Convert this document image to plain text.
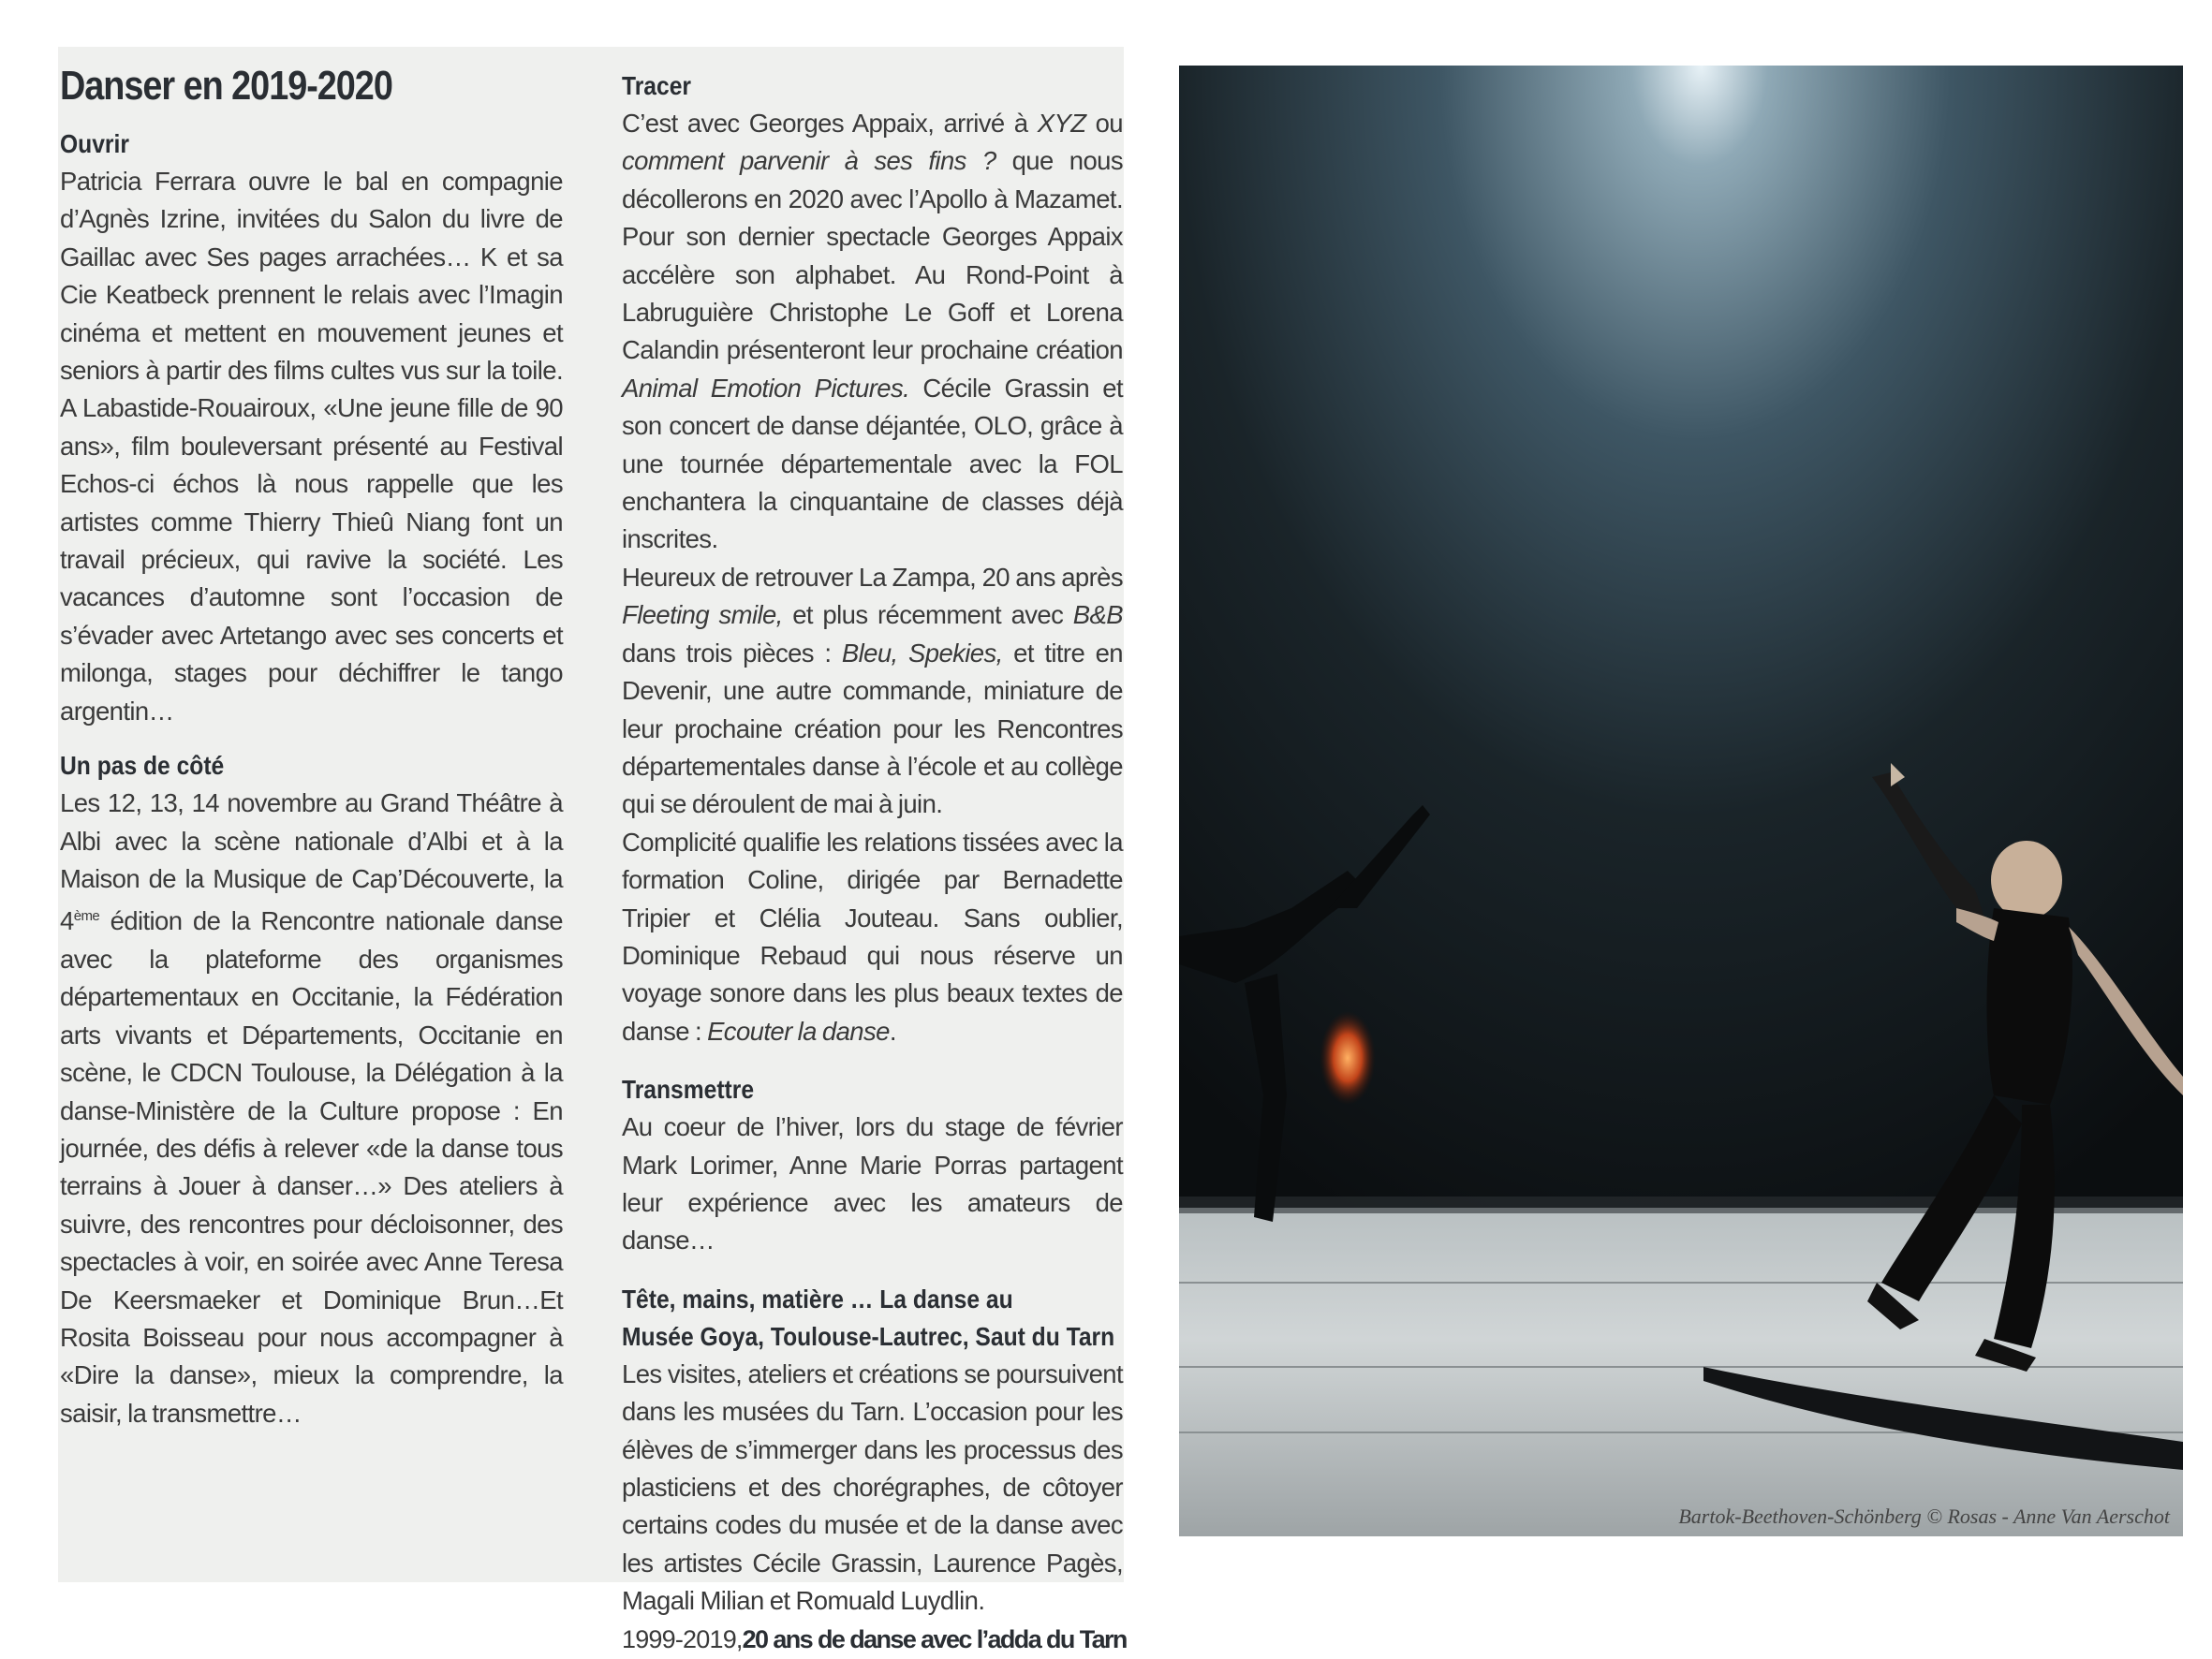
Danser en 2019-2020
Ouvrir

Patricia Ferrara ouvre le bal en compagnie d’Agnès Izrine, invitées du Salon du livre de Gaillac avec Ses pages arrachées… K et sa Cie Keatbeck prennent le relais avec l’Imagin cinéma et mettent en mouvement jeunes et seniors à partir des films cultes vus sur la toile. A Labastide-Rouairoux, «Une jeune fille de 90 ans», film bouleversant présenté au Festival Echos-ci échos là nous rappelle que les artistes comme Thierry Thieû Niang font un travail précieux, qui ravive la société. Les vacances d’automne sont l’occasion de s’évader avec Artetango avec ses concerts et milonga, stages pour déchiffrer le tango argentin…

Un pas de côté

Les 12, 13, 14 novembre au Grand Théâtre à Albi avec la scène nationale d’Albi et à la Maison de la Musique de Cap’Découverte, la 4ème édition de la Rencontre nationale danse avec la plateforme des organismes départementaux en Occitanie, la Fédération arts vivants et Départements, Occitanie en scène, le CDCN Toulouse, la Délégation à la danse-Ministère de la Culture propose : En journée, des défis à relever «de la danse tous terrains à Jouer à danser…» Des ateliers à suivre, des rencontres pour décloisonner, des spectacles à voir, en soirée avec Anne Teresa De Keersmaeker et Dominique Brun…Et Rosita Boisseau pour nous accompagner à «Dire la danse», mieux la comprendre, la saisir, la transmettre…

Tracer

C’est avec Georges Appaix, arrivé à XYZ ou comment parvenir à ses fins ? que nous décollerons en 2020 avec l’Apollo à Mazamet. Pour son dernier spectacle Georges Appaix accélère son alphabet. Au Rond-Point à Labruguière Christophe Le Goff et Lorena Calandin présenteront leur prochaine création Animal Emotion Pictures. Cécile Grassin et son concert de danse déjantée, OLO, grâce à une tournée départementale avec la FOL enchantera la cinquantaine de classes déjà inscrites.

Heureux de retrouver La Zampa, 20 ans après Fleeting smile, et plus récemment avec B&B dans trois pièces : Bleu, Spekies, et titre en Devenir, une autre commande, miniature de leur prochaine création pour les Rencontres départementales danse à l’école et au collège qui se déroulent de mai à juin.

Complicité qualifie les relations tissées avec la formation Coline, dirigée par Bernadette Tripier et Clélia Jouteau. Sans oublier, Dominique Rebaud qui nous réserve un voyage sonore dans les plus beaux textes de danse : Ecouter la danse.

Transmettre

Au coeur de l’hiver, lors du stage de février Mark Lorimer, Anne Marie Porras partagent leur expérience avec les amateurs de danse…

Tête, mains, matière … La danse au
Musée Goya, Toulouse-Lautrec, Saut du Tarn

Les visites, ateliers et créations se poursuivent dans les musées du Tarn. L’occasion pour les élèves de s’immerger dans les processus des plasticiens et des chorégraphes, de côtoyer certains codes du musée et de la danse avec les artistes Cécile Grassin, Laurence Pagès, Magali Milian et Romuald Luydlin.

1999-2019,20 ans de danse avec l’adda du Tarn
Bartok-Beethoven-Schönberg © Rosas - Anne Van Aerschot
